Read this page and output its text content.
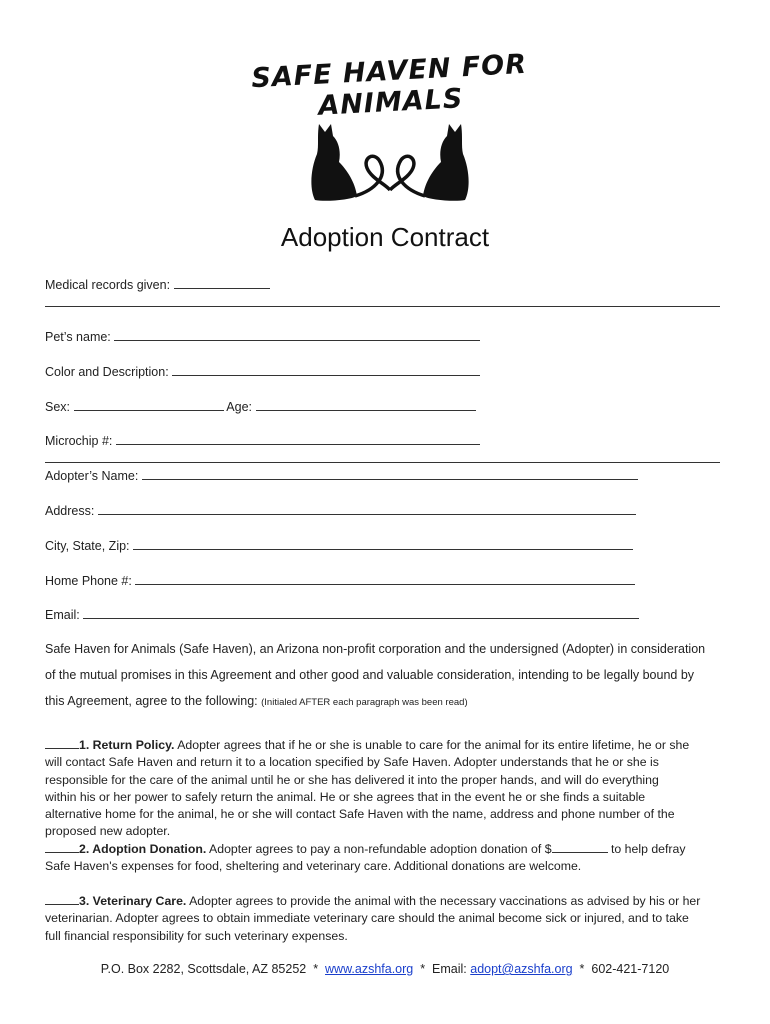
SAFE HAVEN FOR ANIMALS
Adoption Contract
Medical records given:
Pet’s name:
Color and Description:
Sex:	Age:
Microchip #:
Adopter’s Name:
Address:
City, State, Zip:
Home Phone #:
Email:
Safe Haven for Animals (Safe Haven), an Arizona non-profit corporation and the undersigned (Adopter) in consideration
of the mutual promises in this Agreement and other good and valuable consideration, intending to be legally bound by
this Agreement, agree to the following: (Initialed AFTER each paragraph was been read)
1. Return Policy. Adopter agrees that if he or she is unable to care for the animal for its entire lifetime, he or she
will contact Safe Haven and return it to a location specified by Safe Haven. Adopter understands that he or she is
responsible for the care of the animal until he or she has delivered it into the proper hands, and will do everything
within his or her power to safely return the animal. He or she agrees that in the event he or she finds a suitable
alternative home for the animal, he or she will contact Safe Haven with the name, address and phone number of the
proposed new adopter.
2. Adoption Donation. Adopter agrees to pay a non-refundable adoption donation of $	to help defray
Safe Haven's expenses for food, sheltering and veterinary care. Additional donations are welcome.
3. Veterinary Care. Adopter agrees to provide the animal with the necessary vaccinations as advised by his or her
veterinarian. Adopter agrees to obtain immediate veterinary care should the animal become sick or injured, and to take
full financial responsibility for such veterinary expenses.
P.O. Box 2282, Scottsdale, AZ 85252 * www.azshfa.org * Email: adopt@azshfa.org * 602-421-7120
